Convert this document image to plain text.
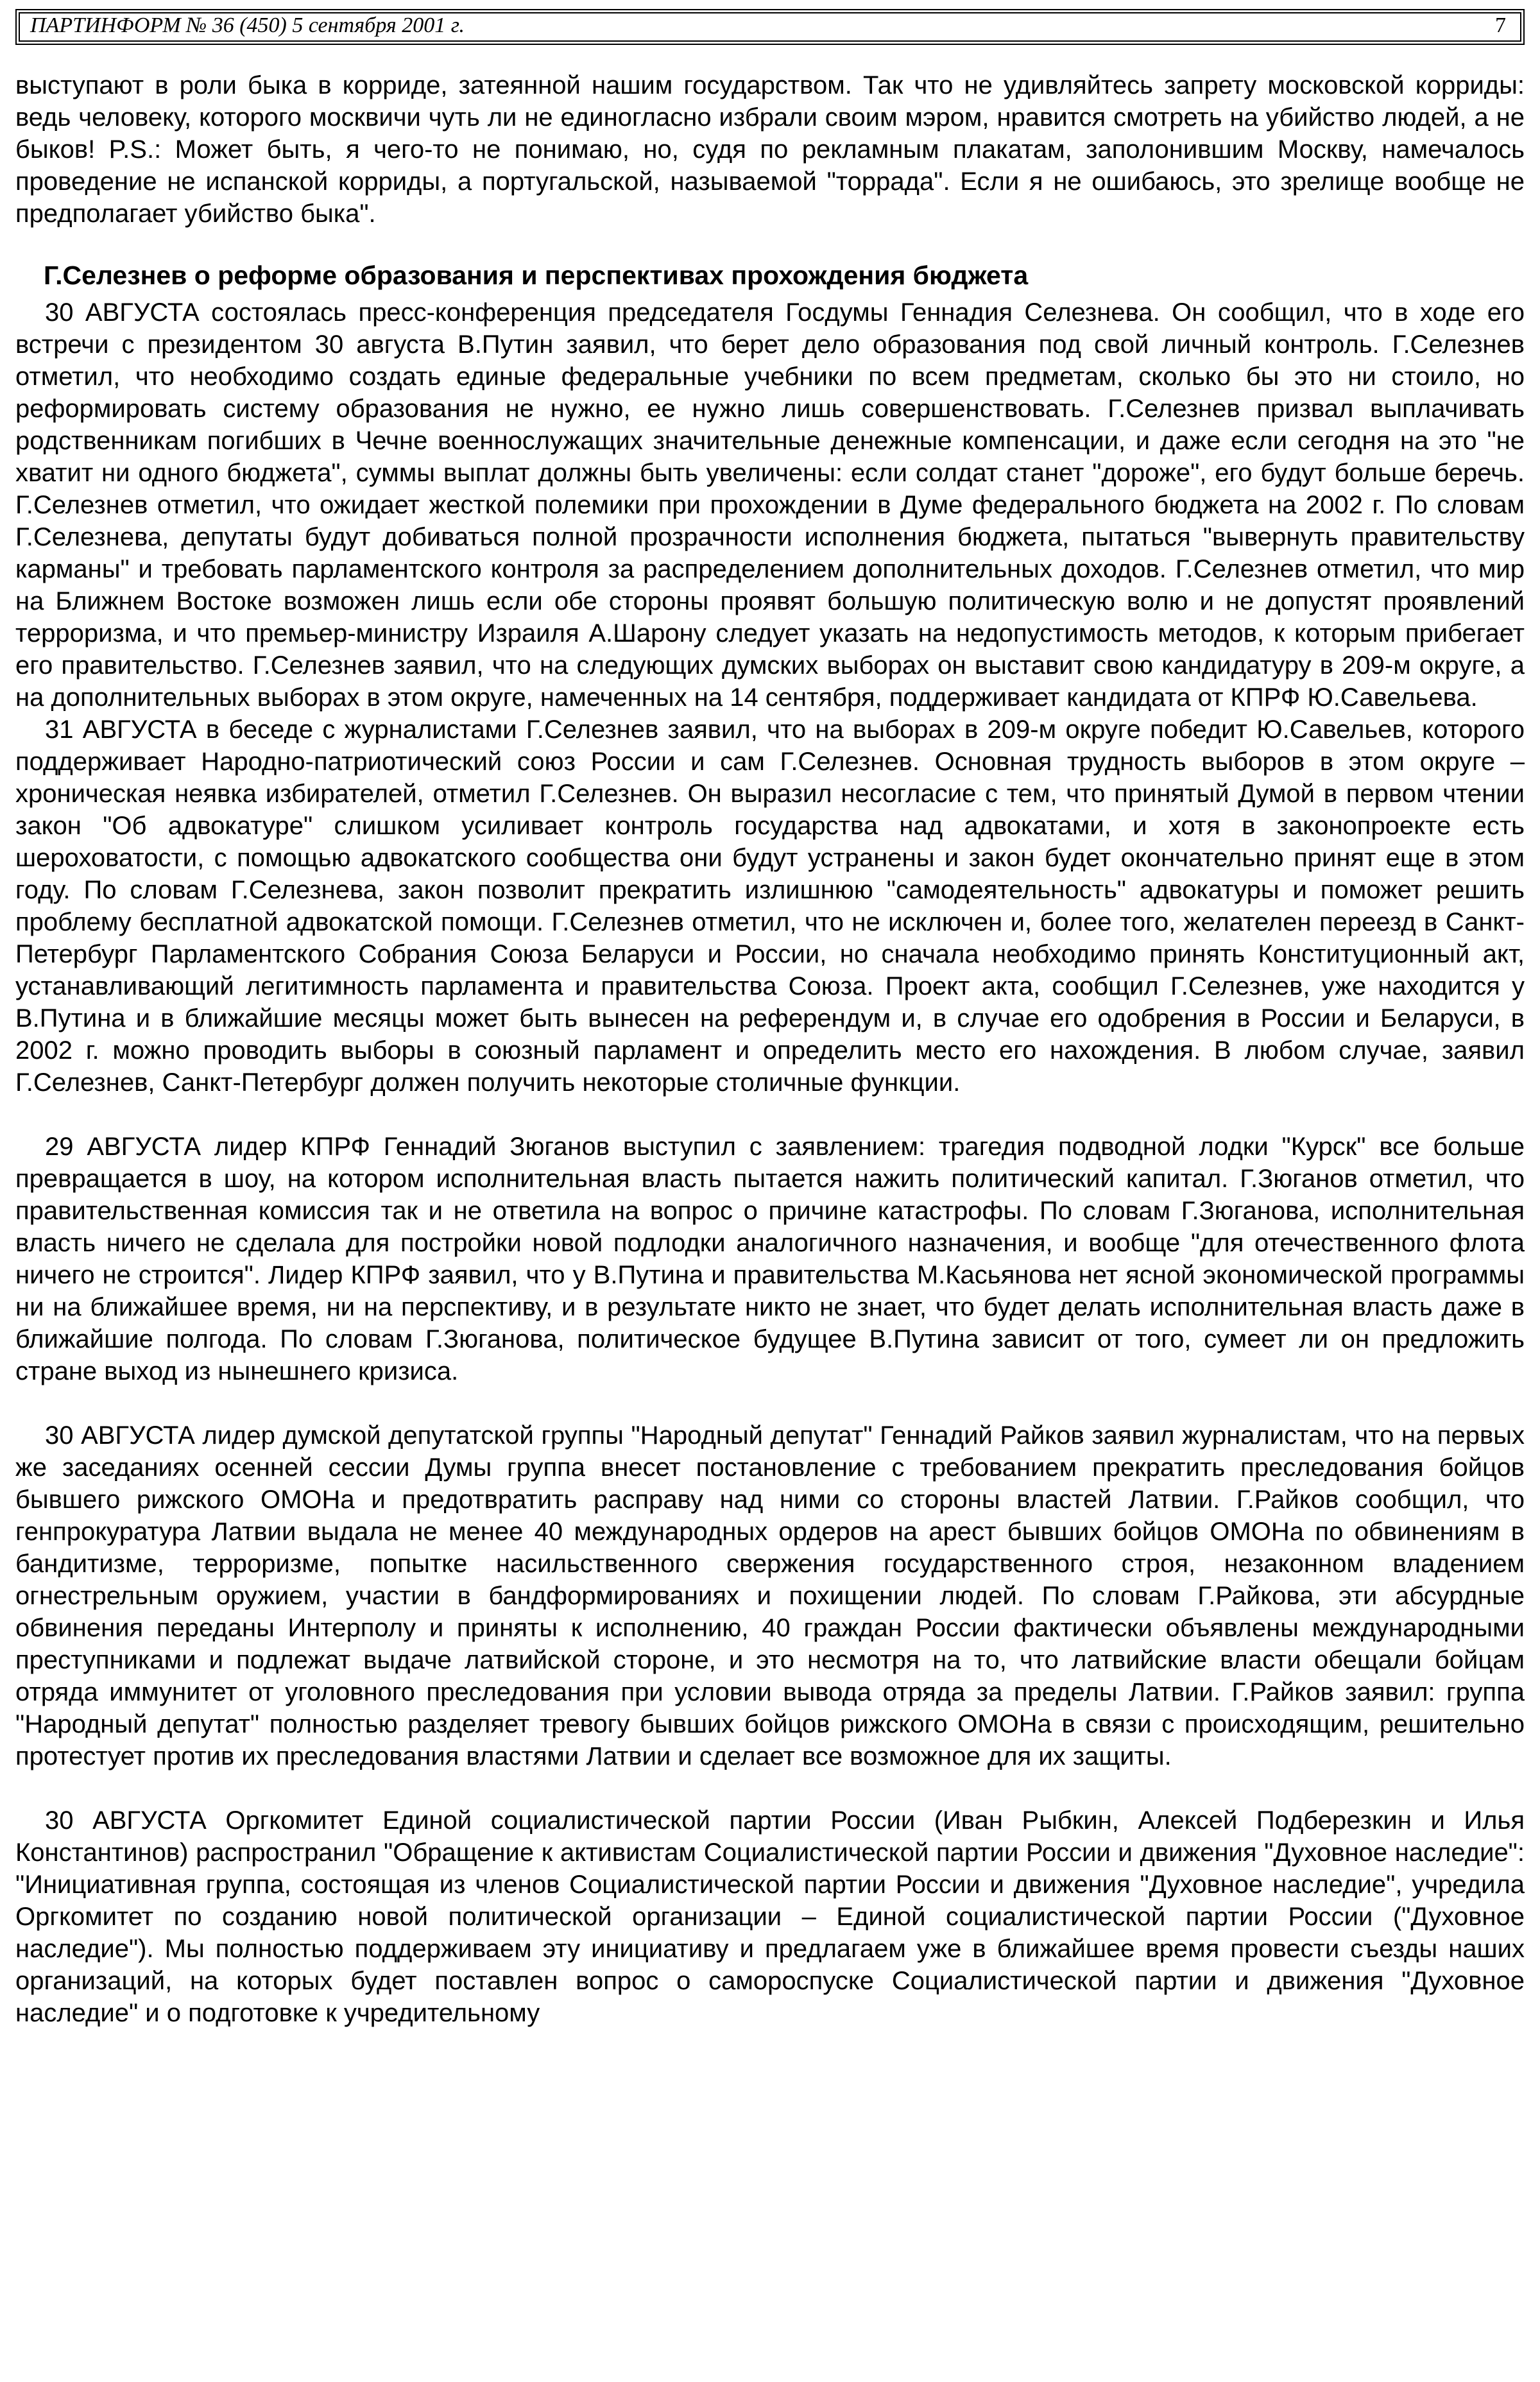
ПАРТИНФОРМ № 36 (450) 5 сентября 2001 г.	7

выступают в роли быка в корриде, затеянной нашим государством. Так что не удивляйтесь запрету московской корриды: ведь человеку, которого москвичи чуть ли не единогласно избрали своим мэром, нравится смотреть на убийство людей, а не быков! P.S.: Может быть, я чего-то не понимаю, но, судя по рекламным плакатам, заполонившим Москву, намечалось проведение не испанской корриды, а португальской, называемой "торрада". Если я не ошибаюсь, это зрелище вообще не предполагает убийство быка".

Г.Селезнев о реформе образования и перспективах прохождения бюджета

30 АВГУСТА состоялась пресс-конференция председателя Госдумы Геннадия Селезнева. Он сообщил, что в ходе его встречи с президентом 30 августа В.Путин заявил, что берет дело образования под свой личный контроль. Г.Селезнев отметил, что необходимо создать единые федеральные учебники по всем предметам, сколько бы это ни стоило, но реформировать систему образования не нужно, ее нужно лишь совершенствовать. Г.Селезнев призвал выплачивать родственникам погибших в Чечне военнослужащих значительные денежные компенсации, и даже если сегодня на это "не хватит ни одного бюджета", суммы выплат должны быть увеличены: если солдат станет "дороже", его будут больше беречь. Г.Селезнев отметил, что ожидает жесткой полемики при прохождении в Думе федерального бюджета на 2002 г. По словам Г.Селезнева, депутаты будут добиваться полной прозрачности исполнения бюджета, пытаться "вывернуть правительству карманы" и требовать парламентского контроля за распределением дополнительных доходов. Г.Селезнев отметил, что мир на Ближнем Востоке возможен лишь если обе стороны проявят большую политическую волю и не допустят проявлений терроризма, и что премьер-министру Израиля А.Шарону следует указать на недопустимость методов, к которым прибегает его правительство. Г.Селезнев заявил, что на следующих думских выборах он выставит свою кандидатуру в 209-м округе, а на дополнительных выборах в этом округе, намеченных на 14 сентября, поддерживает кандидата от КПРФ Ю.Савельева.

31 АВГУСТА в беседе с журналистами Г.Селезнев заявил, что на выборах в 209-м округе победит Ю.Савельев, которого поддерживает Народно-патриотический союз России и сам Г.Селезнев. Основная трудность выборов в этом округе – хроническая неявка избирателей, отметил Г.Селезнев. Он выразил несогласие с тем, что принятый Думой в первом чтении закон "Об адвокатуре" слишком усиливает контроль государства над адвокатами, и хотя в законопроекте есть шероховатости, с помощью адвокатского сообщества они будут устранены и закон будет окончательно принят еще в этом году. По словам Г.Селезнева, закон позволит прекратить излишнюю "самодеятельность" адвокатуры и поможет решить проблему бесплатной адвокатской помощи. Г.Селезнев отметил, что не исключен и, более того, желателен переезд в Санкт-Петербург Парламентского Собрания Союза Беларуси и России, но сначала необходимо принять Конституционный акт, устанавливающий легитимность парламента и правительства Союза. Проект акта, сообщил Г.Селезнев, уже находится у В.Путина и в ближайшие месяцы может быть вынесен на референдум и, в случае его одобрения в России и Беларуси, в 2002 г. можно проводить выборы в союзный парламент и определить место его нахождения. В любом случае, заявил Г.Селезнев, Санкт-Петербург должен получить некоторые столичные функции.

29 АВГУСТА лидер КПРФ Геннадий Зюганов выступил с заявлением: трагедия подводной лодки "Курск" все больше превращается в шоу, на котором исполнительная власть пытается нажить политический капитал. Г.Зюганов отметил, что правительственная комиссия так и не ответила на вопрос о причине катастрофы. По словам Г.Зюганова, исполнительная власть ничего не сделала для постройки новой подлодки аналогичного назначения, и вообще "для отечественного флота ничего не строится". Лидер КПРФ заявил, что у В.Путина и правительства М.Касьянова нет ясной экономической программы ни на ближайшее время, ни на перспективу, и в результате никто не знает, что будет делать исполнительная власть даже в ближайшие полгода. По словам Г.Зюганова, политическое будущее В.Путина зависит от того, сумеет ли он предложить стране выход из нынешнего кризиса.

30 АВГУСТА лидер думской депутатской группы "Народный депутат" Геннадий Райков заявил журналистам, что на первых же заседаниях осенней сессии Думы группа внесет постановление с требованием прекратить преследования бойцов бывшего рижского ОМОНа и предотвратить расправу над ними со стороны властей Латвии. Г.Райков сообщил, что генпрокуратура Латвии выдала не менее 40 международных ордеров на арест бывших бойцов ОМОНа по обвинениям в бандитизме, терроризме, попытке насильственного свержения государственного строя, незаконном владением огнестрельным оружием, участии в бандформированиях и похищении людей. По словам Г.Райкова, эти абсурдные обвинения переданы Интерполу и приняты к исполнению, 40 граждан России фактически объявлены международными преступниками и подлежат выдаче латвийской стороне, и это несмотря на то, что латвийские власти обещали бойцам отряда иммунитет от уголовного преследования при условии вывода отряда за пределы Латвии. Г.Райков заявил: группа "Народный депутат" полностью разделяет тревогу бывших бойцов рижского ОМОНа в связи с происходящим, решительно протестует против их преследования властями Латвии и сделает все возможное для их защиты.

30 АВГУСТА Оргкомитет Единой социалистической партии России (Иван Рыбкин, Алексей Подберезкин и Илья Константинов) распространил "Обращение к активистам Социалистической партии России и движения "Духовное наследие": "Инициативная группа, состоящая из членов Социалистической партии России и движения "Духовное наследие", учредила Оргкомитет по созданию новой политической организации – Единой социалистической партии России ("Духовное наследие"). Мы полностью поддерживаем эту инициативу и предлагаем уже в ближайшее время провести съезды наших организаций, на которых будет поставлен вопрос о самороспуске Социалистической партии и движения "Духовное наследие" и о подготовке к учредительному
